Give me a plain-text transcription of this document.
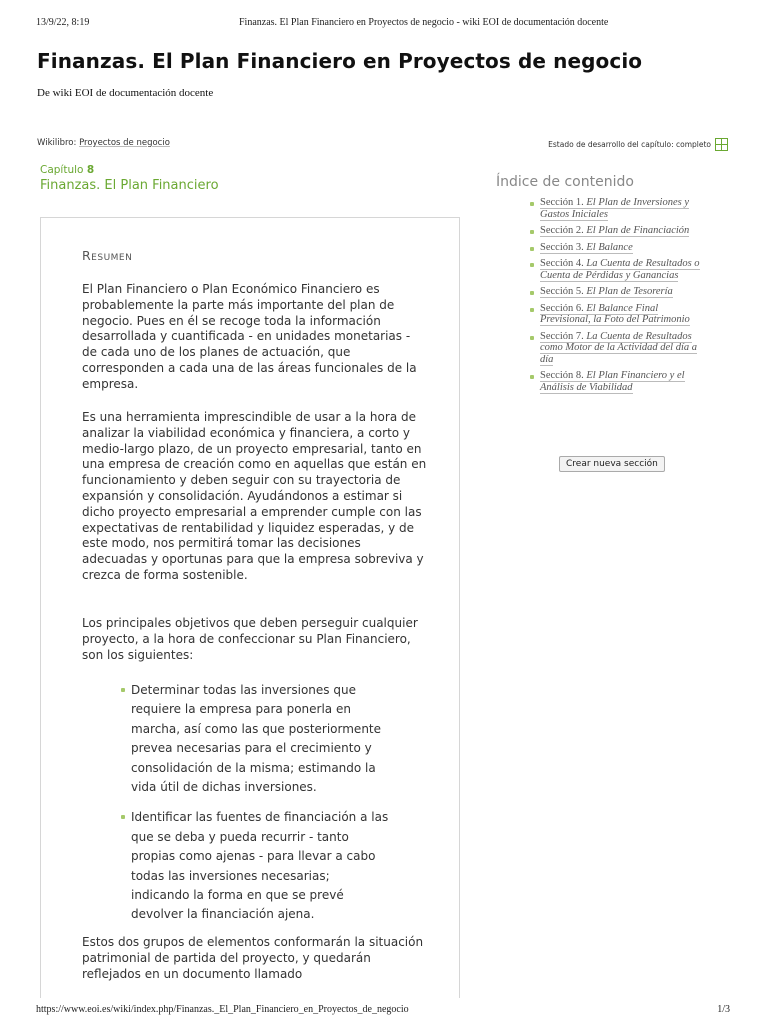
13/9/22, 8:19	Finanzas. El Plan Financiero en Proyectos de negocio - wiki EOI de documentación docente
Finanzas. El Plan Financiero en Proyectos de negocio
De wiki EOI de documentación docente
Wikilibro: Proyectos de negocio	Estado de desarrollo del capítulo: completo
Capítulo 8
Finanzas. El Plan Financiero
Resumen

El Plan Financiero o Plan Económico Financiero es probablemente la parte más importante del plan de negocio. Pues en él se recoge toda la información desarrollada y cuantificada - en unidades monetarias - de cada uno de los planes de actuación, que corresponden a cada una de las áreas funcionales de la empresa.

Es una herramienta imprescindible de usar a la hora de analizar la viabilidad económica y financiera, a corto y medio-largo plazo, de un proyecto empresarial, tanto en una empresa de creación como en aquellas que están en funcionamiento y deben seguir con su trayectoria de expansión y consolidación. Ayudándonos a estimar si dicho proyecto empresarial a emprender cumple con las expectativas de rentabilidad y liquidez esperadas, y de este modo, nos permitirá tomar las decisiones adecuadas y oportunas para que la empresa sobreviva y crezca de forma sostenible.

Los principales objetivos que deben perseguir cualquier proyecto, a la hora de confeccionar su Plan Financiero, son los siguientes:

Determinar todas las inversiones que requiere la empresa para ponerla en marcha, así como las que posteriormente prevea necesarias para el crecimiento y consolidación de la misma; estimando la vida útil de dichas inversiones.
Identificar las fuentes de financiación a las que se deba y pueda recurrir - tanto propias como ajenas - para llevar a cabo todas las inversiones necesarias; indicando la forma en que se prevé devolver la financiación ajena.

Estos dos grupos de elementos conformarán la situación patrimonial de partida del proyecto, y quedarán reflejados en un documento llamado

Índice de contenido
Sección 1. El Plan de Inversiones y Gastos Iniciales
Sección 2. El Plan de Financiación
Sección 3. El Balance
Sección 4. La Cuenta de Resultados o Cuenta de Pérdidas y Ganancias
Sección 5. El Plan de Tesorería
Sección 6. El Balance Final Previsional, la Foto del Patrimonio
Sección 7. La Cuenta de Resultados como Motor de la Actividad del día a día
Sección 8. El Plan Financiero y el Análisis de Viabilidad
Crear nueva sección
https://www.eoi.es/wiki/index.php/Finanzas._El_Plan_Financiero_en_Proyectos_de_negocio	1/3
